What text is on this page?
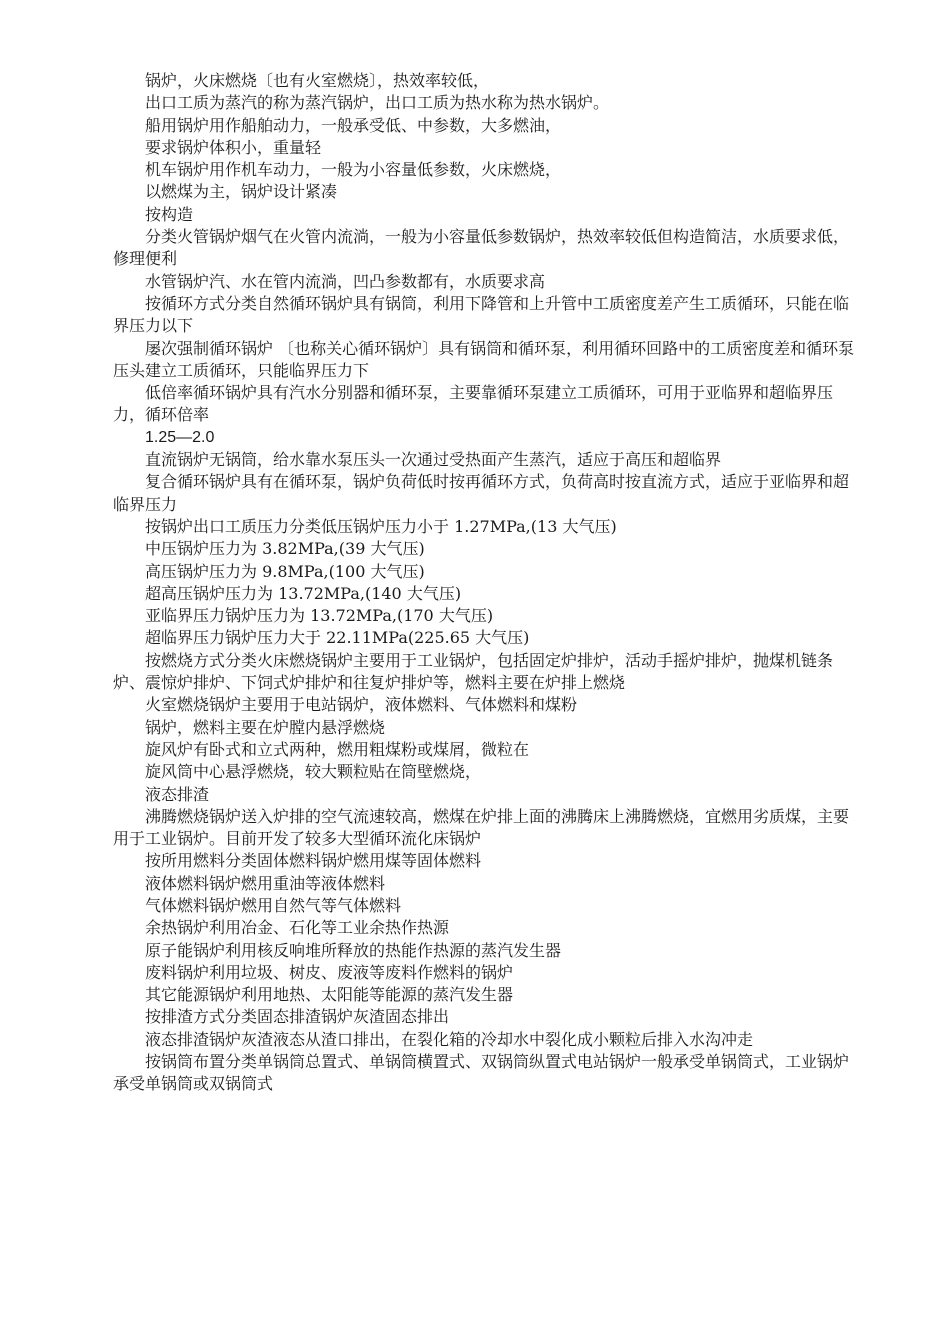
锅炉，火床燃烧〔也有火室燃烧〕，热效率较低，

出口工质为蒸汽的称为蒸汽锅炉，出口工质为热水称为热水锅炉。

船用锅炉用作船舶动力，一般承受低、中参数，大多燃油，

要求锅炉体积小，重量轻

机车锅炉用作机车动力，一般为小容量低参数，火床燃烧，

以燃煤为主，锅炉设计紧凑

按构造

分类火管锅炉烟气在火管内流淌，一般为小容量低参数锅炉，热效率较低但构造简洁，水质要求低，修理便利

水管锅炉汽、水在管内流淌，凹凸参数都有，水质要求高

按循环方式分类自然循环锅炉具有锅筒，利用下降管和上升管中工质密度差产生工质循环，只能在临界压力以下

屡次强制循环锅炉 〔也称关心循环锅炉〕具有锅筒和循环泵，利用循环回路中的工质密度差和循环泵压头建立工质循环，只能临界压力下

低倍率循环锅炉具有汽水分别器和循环泵，主要靠循环泵建立工质循环，可用于亚临界和超临界压力，循环倍率

1.25—2.0

直流锅炉无锅筒，给水靠水泵压头一次通过受热面产生蒸汽，适应于高压和超临界

复合循环锅炉具有在循环泵，锅炉负荷低时按再循环方式，负荷高时按直流方式，适应于亚临界和超临界压力

按锅炉出口工质压力分类低压锅炉压力小于 1.27MPa,(13 大气压)

中压锅炉压力为 3.82MPa,(39 大气压)

高压锅炉压力为 9.8MPa,(100 大气压)

超高压锅炉压力为 13.72MPa,(140 大气压)

亚临界压力锅炉压力为 13.72MPa,(170 大气压)

超临界压力锅炉压力大于 22.11MPa(225.65 大气压)

按燃烧方式分类火床燃烧锅炉主要用于工业锅炉，包括固定炉排炉，活动手摇炉排炉，抛煤机链条炉、震惊炉排炉、下饲式炉排炉和往复炉排炉等，燃料主要在炉排上燃烧

火室燃烧锅炉主要用于电站锅炉，液体燃料、气体燃料和煤粉

锅炉，燃料主要在炉膛内悬浮燃烧

旋风炉有卧式和立式两种，燃用粗煤粉或煤屑，微粒在

旋风筒中心悬浮燃烧，较大颗粒贴在筒壁燃烧，

液态排渣

沸腾燃烧锅炉送入炉排的空气流速较高，燃煤在炉排上面的沸腾床上沸腾燃烧，宜燃用劣质煤，主要用于工业锅炉。目前开发了较多大型循环流化床锅炉

按所用燃料分类固体燃料锅炉燃用煤等固体燃料

液体燃料锅炉燃用重油等液体燃料

气体燃料锅炉燃用自然气等气体燃料

余热锅炉利用冶金、石化等工业余热作热源

原子能锅炉利用核反响堆所释放的热能作热源的蒸汽发生器

废料锅炉利用垃圾、树皮、废液等废料作燃料的锅炉

其它能源锅炉利用地热、太阳能等能源的蒸汽发生器

按排渣方式分类固态排渣锅炉灰渣固态排出

液态排渣锅炉灰渣液态从渣口排出，在裂化箱的冷却水中裂化成小颗粒后排入水沟冲走

按锅筒布置分类单锅筒总置式、单锅筒横置式、双锅筒纵置式电站锅炉一般承受单锅筒式，工业锅炉承受单锅筒或双锅筒式
